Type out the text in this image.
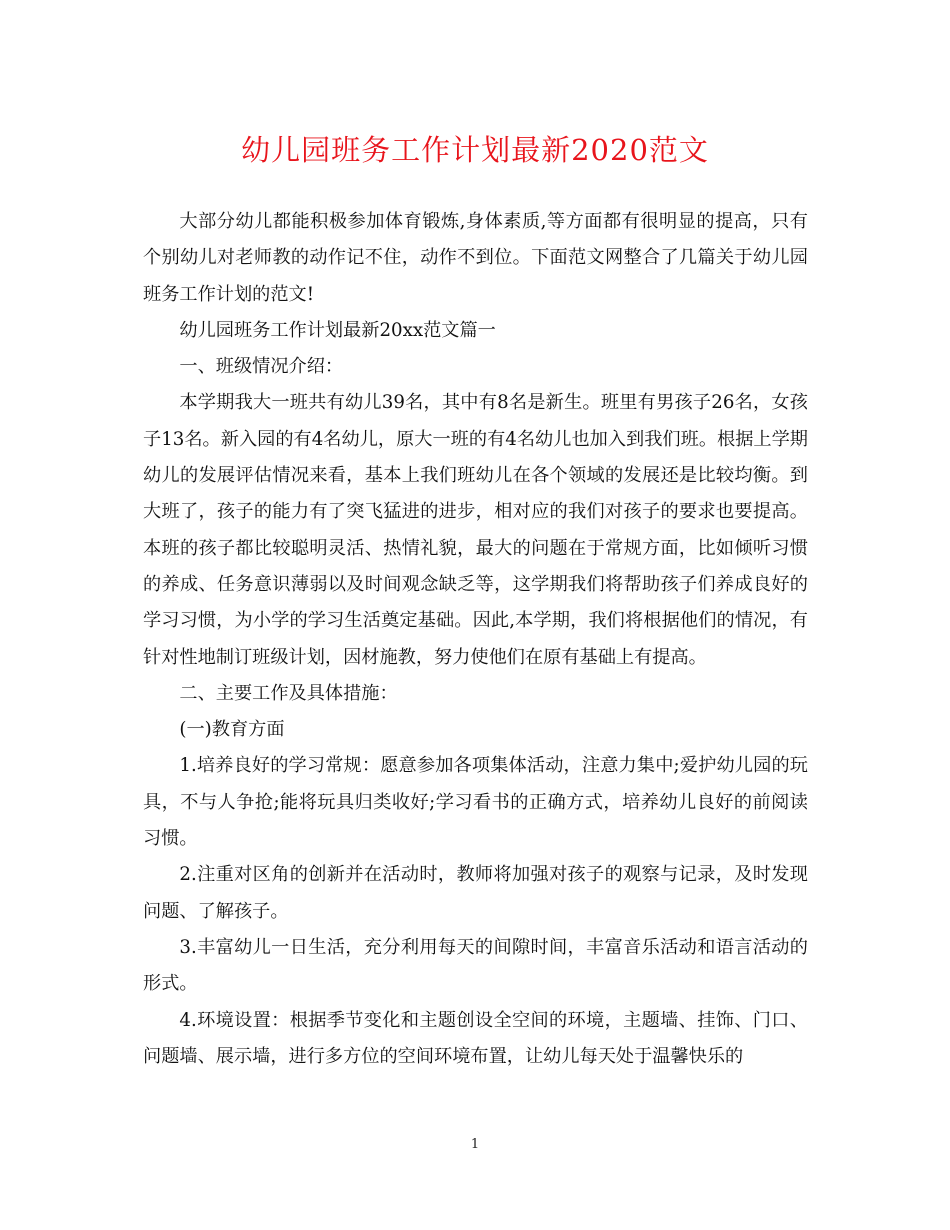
幼儿园班务工作计划最新2020范文

大部分幼儿都能积极参加体育锻炼,身体素质,等方面都有很明显的提高，只有个别幼儿对老师教的动作记不住，动作不到位。下面范文网整合了几篇关于幼儿园班务工作计划的范文!

幼儿园班务工作计划最新20xx范文篇一

一、班级情况介绍：

本学期我大一班共有幼儿39名，其中有8名是新生。班里有男孩子26名，女孩子13名。新入园的有4名幼儿，原大一班的有4名幼儿也加入到我们班。根据上学期幼儿的发展评估情况来看，基本上我们班幼儿在各个领域的发展还是比较均衡。到大班了，孩子的能力有了突飞猛进的进步，相对应的我们对孩子的要求也要提高。本班的孩子都比较聪明灵活、热情礼貌，最大的问题在于常规方面，比如倾听习惯的养成、任务意识薄弱以及时间观念缺乏等，这学期我们将帮助孩子们养成良好的学习习惯，为小学的学习生活奠定基础。因此,本学期，我们将根据他们的情况，有针对性地制订班级计划，因材施教，努力使他们在原有基础上有提高。

二、主要工作及具体措施：

(一)教育方面

1.培养良好的学习常规：愿意参加各项集体活动，注意力集中;爱护幼儿园的玩具，不与人争抢;能将玩具归类收好;学习看书的正确方式，培养幼儿良好的前阅读习惯。

2.注重对区角的创新并在活动时，教师将加强对孩子的观察与记录，及时发现问题、了解孩子。

3.丰富幼儿一日生活，充分利用每天的间隙时间，丰富音乐活动和语言活动的形式。

4.环境设置：根据季节变化和主题创设全空间的环境，主题墙、挂饰、门口、问题墙、展示墙，进行多方位的空间环境布置，让幼儿每天处于温馨快乐的

1
